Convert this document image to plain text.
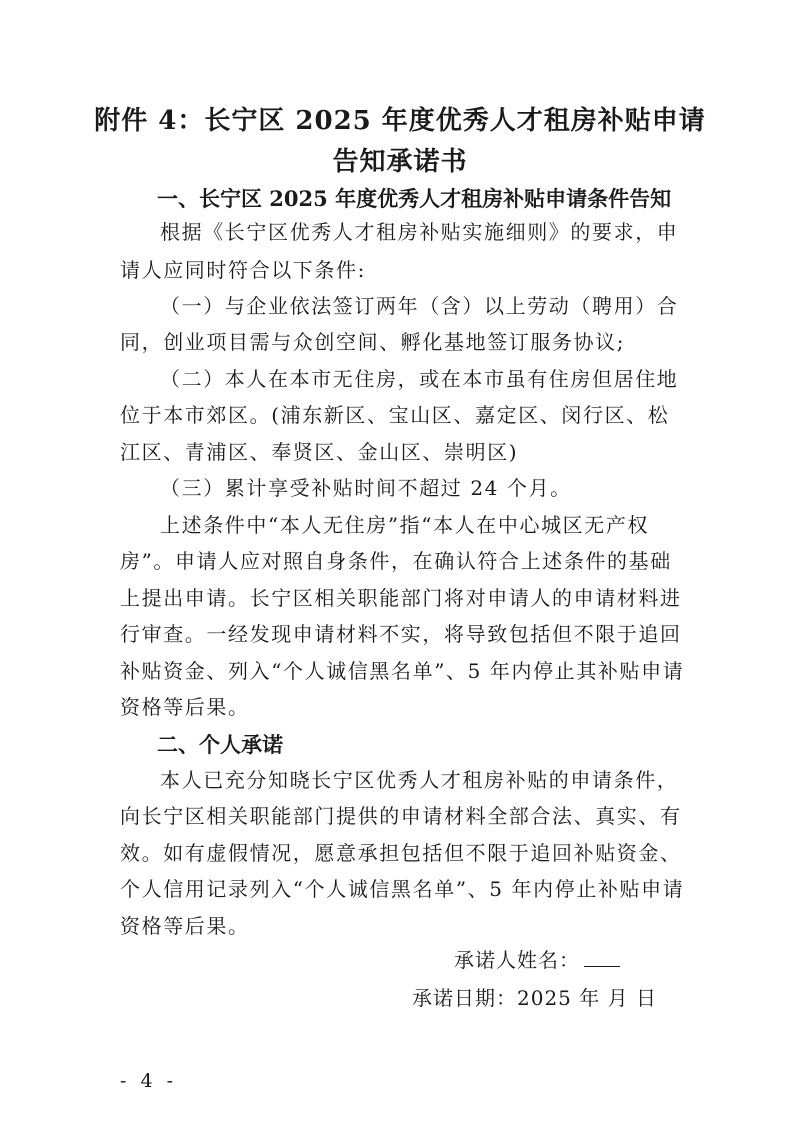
附件 4：长宁区 2025 年度优秀人才租房补贴申请
告知承诺书
一、长宁区 2025 年度优秀人才租房补贴申请条件告知

根据《长宁区优秀人才租房补贴实施细则》的要求，申

请人应同时符合以下条件:

（一）与企业依法签订两年（含）以上劳动（聘用）合

同，创业项目需与众创空间、孵化基地签订服务协议;

（二）本人在本市无住房，或在本市虽有住房但居住地

位于本市郊区。(浦东新区、宝山区、嘉定区、闵行区、松

江区、青浦区、奉贤区、金山区、崇明区)

（三）累计享受补贴时间不超过 24 个月。

上述条件中“本人无住房”指“本人在中心城区无产权

房”。申请人应对照自身条件，在确认符合上述条件的基础

上提出申请。长宁区相关职能部门将对申请人的申请材料进

行审查。一经发现申请材料不实，将导致包括但不限于追回

补贴资金、列入“个人诚信黑名单”、5 年内停止其补贴申请

资格等后果。

二、个人承诺

本人已充分知晓长宁区优秀人才租房补贴的申请条件，

向长宁区相关职能部门提供的申请材料全部合法、真实、有

效。如有虚假情况，愿意承担包括但不限于追回补贴资金、

个人信用记录列入“个人诚信黑名单”、5 年内停止补贴申请

资格等后果。

承诺人姓名：
承诺日期：2025 年 月 日
- 4 -
